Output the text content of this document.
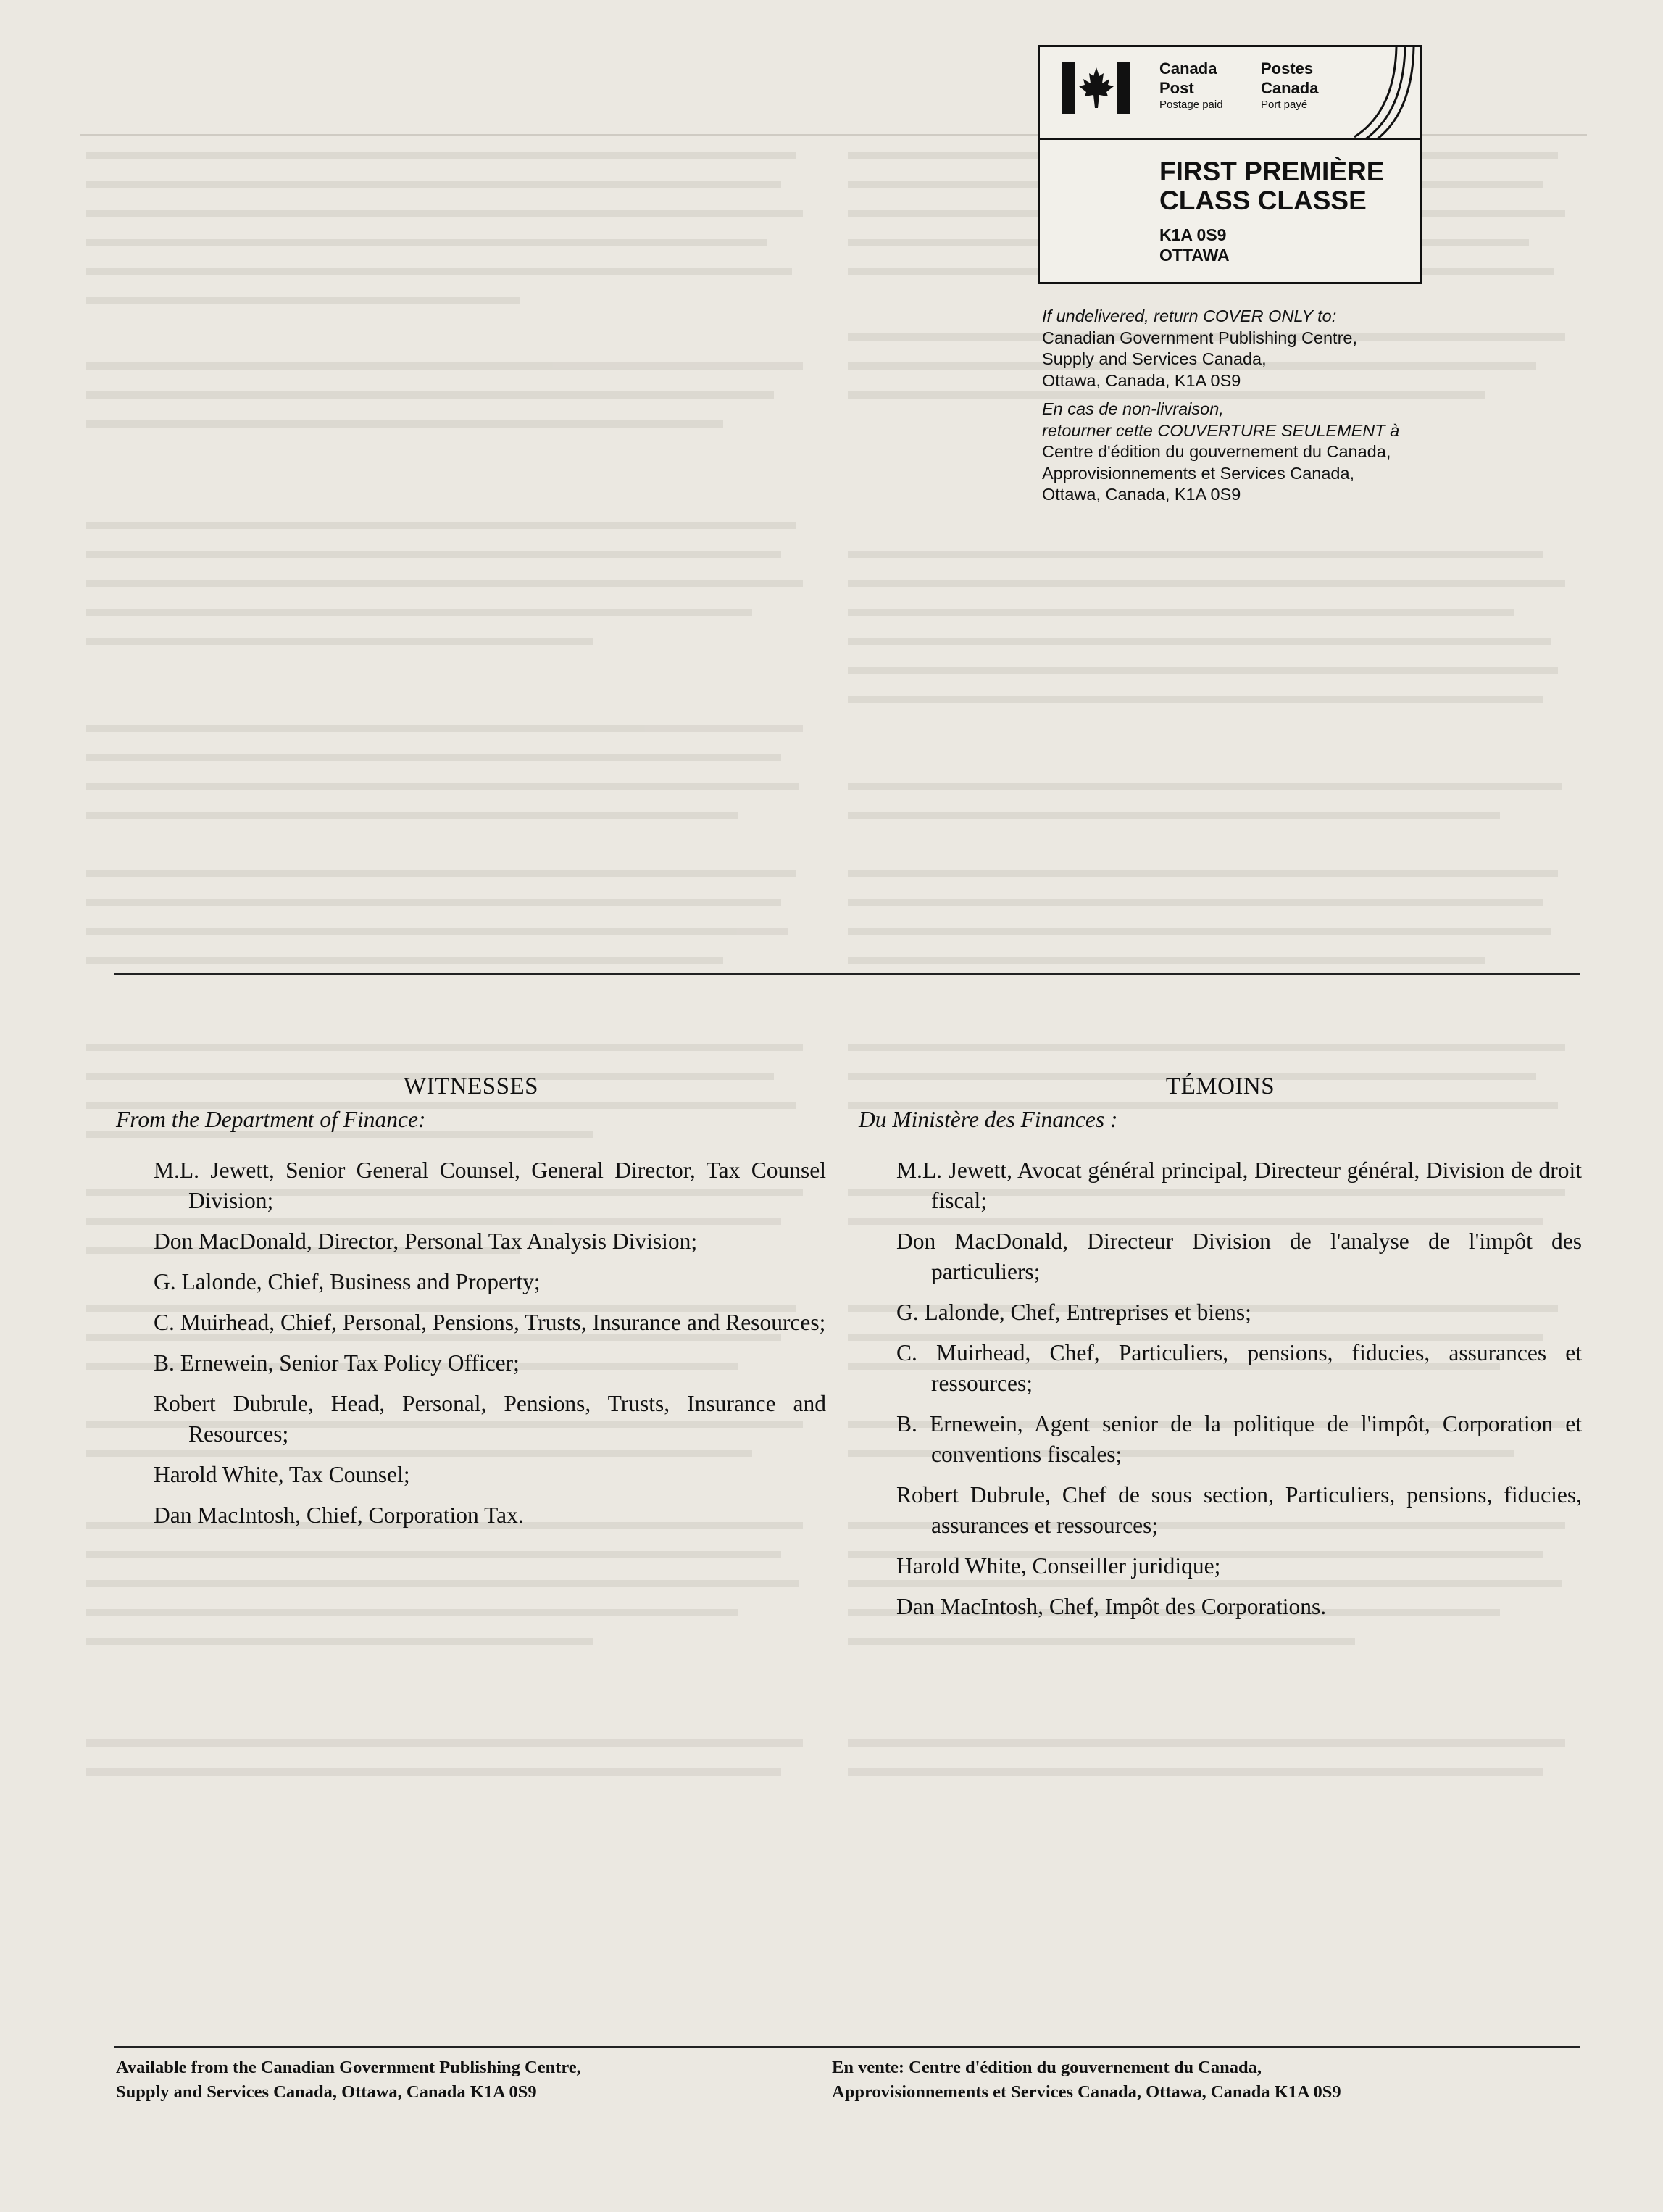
Canada
Post
Postage paid
Postes
Canada
Port payé
FIRST PREMIÈRE
CLASS CLASSE
K1A 0S9
OTTAWA
If undelivered, return COVER ONLY to:
Canadian Government Publishing Centre,
Supply and Services Canada,
Ottawa, Canada, K1A 0S9
En cas de non-livraison,
retourner cette COUVERTURE SEULEMENT à
Centre d'édition du gouvernement du Canada,
Approvisionnements et Services Canada,
Ottawa, Canada, K1A 0S9
WITNESSES
From the Department of Finance:
M.L. Jewett, Senior General Counsel, General Director, Tax Counsel Division;
Don MacDonald, Director, Personal Tax Analysis Division;
G. Lalonde, Chief, Business and Property;
C. Muirhead, Chief, Personal, Pensions, Trusts, Insurance and Resources;
B. Ernewein, Senior Tax Policy Officer;
Robert Dubrule, Head, Personal, Pensions, Trusts, Insurance and Resources;
Harold White, Tax Counsel;
Dan MacIntosh, Chief, Corporation Tax.
TÉMOINS
Du Ministère des Finances :
M.L. Jewett, Avocat général principal, Directeur général, Division de droit fiscal;
Don MacDonald, Directeur Division de l'analyse de l'impôt des particuliers;
G. Lalonde, Chef, Entreprises et biens;
C. Muirhead, Chef, Particuliers, pensions, fiducies, assurances et ressources;
B. Ernewein, Agent senior de la politique de l'impôt, Corporation et conventions fiscales;
Robert Dubrule, Chef de sous section, Particuliers, pensions, fiducies, assurances et ressources;
Harold White, Conseiller juridique;
Dan MacIntosh, Chef, Impôt des Corporations.
Available from the Canadian Government Publishing Centre,
Supply and Services Canada, Ottawa, Canada K1A 0S9
En vente: Centre d'édition du gouvernement du Canada,
Approvisionnements et Services Canada, Ottawa, Canada K1A 0S9
